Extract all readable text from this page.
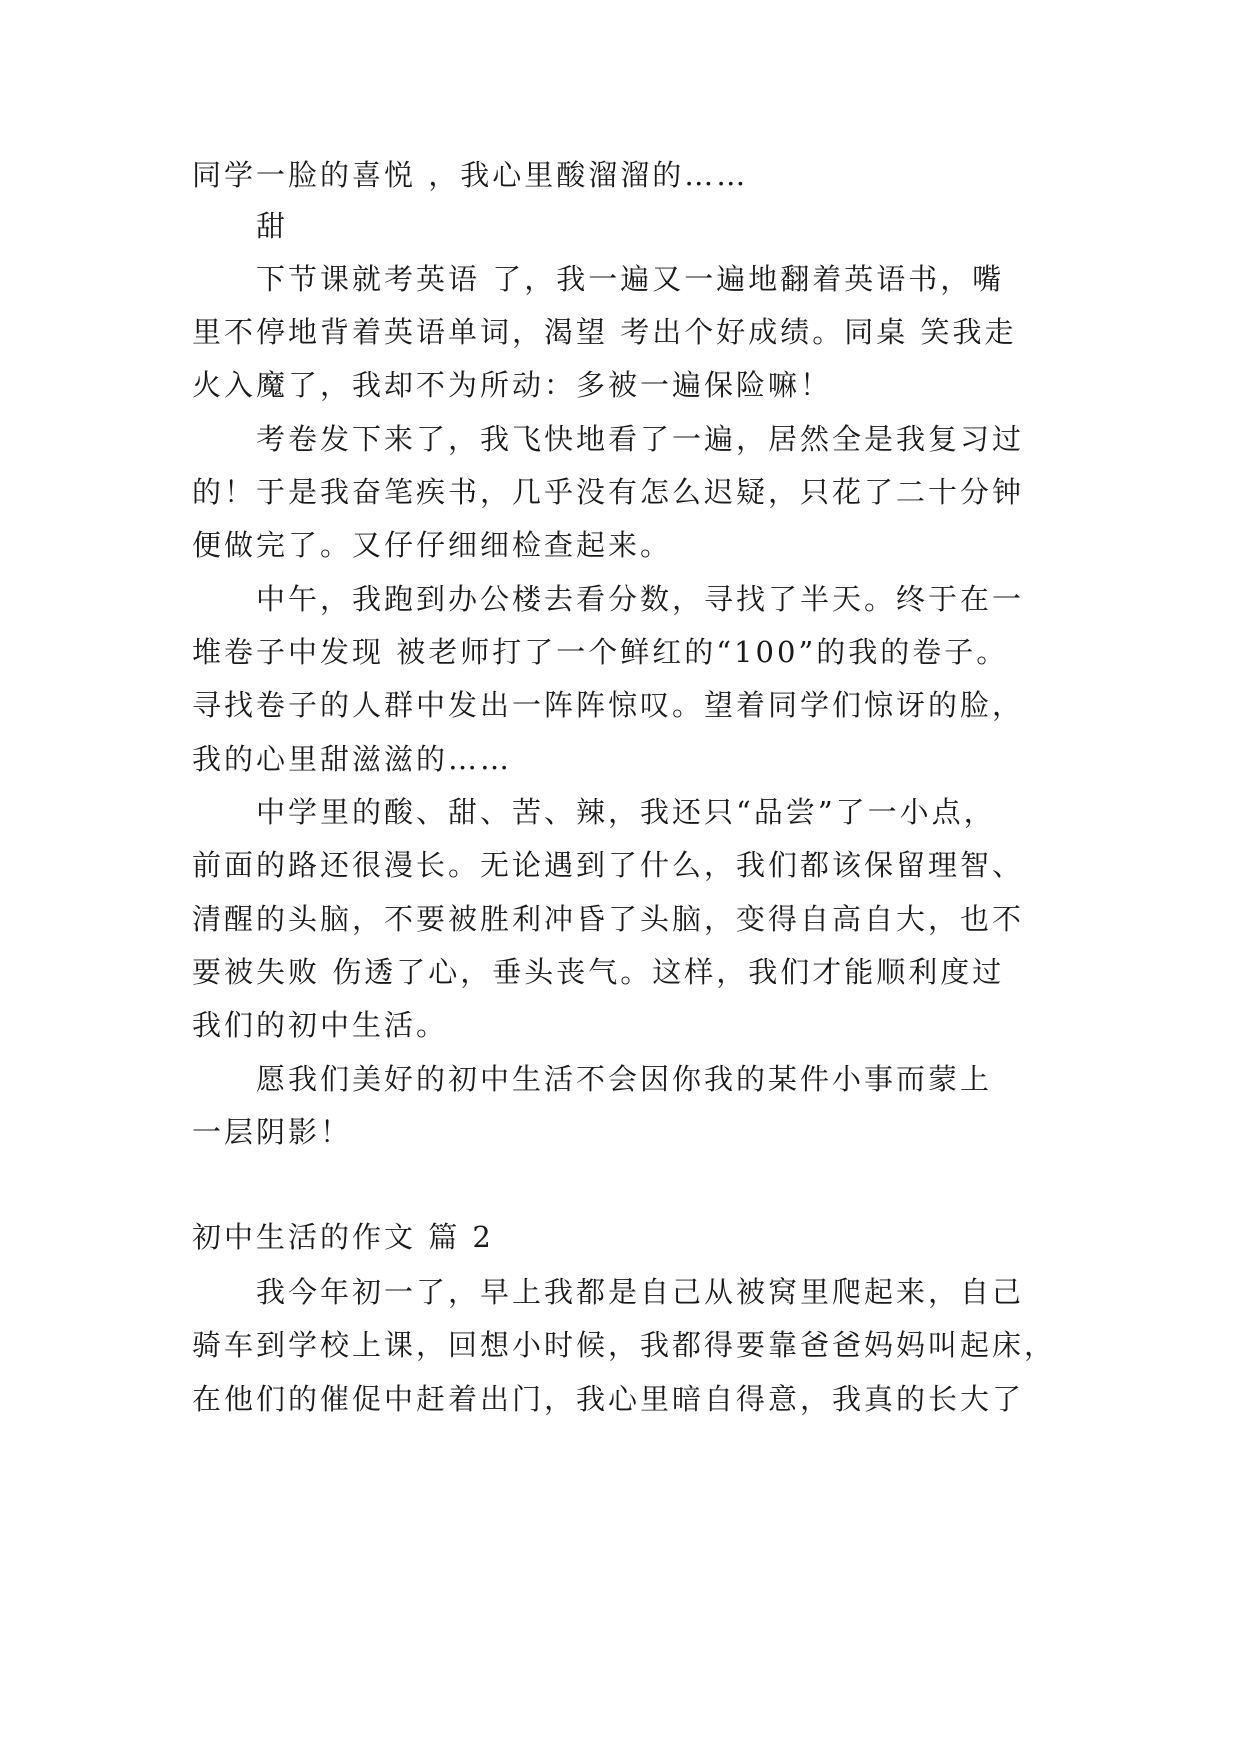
同学一脸的喜悦 ，我心里酸溜溜的……
甜
下节课就考英语 了，我一遍又一遍地翻着英语书，嘴
里不停地背着英语单词，渴望 考出个好成绩。同桌 笑我走
火入魔了，我却不为所动：多被一遍保险嘛！
考卷发下来了，我飞快地看了一遍，居然全是我复习过
的！于是我奋笔疾书，几乎没有怎么迟疑，只花了二十分钟
便做完了。又仔仔细细检查起来。
中午，我跑到办公楼去看分数，寻找了半天。终于在一
堆卷子中发现 被老师打了一个鲜红的“100”的我的卷子。
寻找卷子的人群中发出一阵阵惊叹。望着同学们惊讶的脸，
我的心里甜滋滋的……
中学里的酸、甜、苦、辣，我还只“品尝”了一小点，
前面的路还很漫长。无论遇到了什么，我们都该保留理智、
清醒的头脑，不要被胜利冲昏了头脑，变得自高自大，也不
要被失败 伤透了心，垂头丧气。这样，我们才能顺利度过
我们的初中生活。
愿我们美好的初中生活不会因你我的某件小事而蒙上
一层阴影！
初中生活的作文 篇 2
我今年初一了，早上我都是自己从被窝里爬起来，自己
骑车到学校上课，回想小时候，我都得要靠爸爸妈妈叫起床，
在他们的催促中赶着出门，我心里暗自得意，我真的长大了
